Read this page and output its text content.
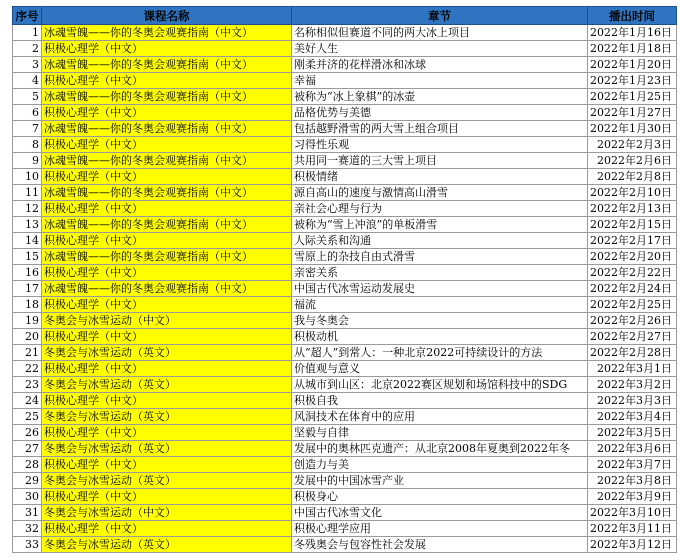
序号	课程名称	章节	播出时间
1	冰魂雪魄——你的冬奥会观赛指南（中文）	名称相似但赛道不同的两大冰上项目	2022年1月16日
2	积极心理学（中文）	美好人生	2022年1月18日
3	冰魂雪魄——你的冬奥会观赛指南（中文）	刚柔并济的花样滑冰和冰球	2022年1月20日
4	积极心理学（中文）	幸福	2022年1月23日
5	冰魂雪魄——你的冬奥会观赛指南（中文）	被称为“冰上象棋”的冰壶	2022年1月25日
6	积极心理学（中文）	品格优势与美德	2022年1月27日
7	冰魂雪魄——你的冬奥会观赛指南（中文）	包括越野滑雪的两大雪上组合项目	2022年1月30日
8	积极心理学（中文）	习得性乐观	2022年2月3日
9	冰魂雪魄——你的冬奥会观赛指南（中文）	共用同一赛道的三大雪上项目	2022年2月6日
10	积极心理学（中文）	积极情绪	2022年2月8日
11	冰魂雪魄——你的冬奥会观赛指南（中文）	源自高山的速度与激情高山滑雪	2022年2月10日
12	积极心理学（中文）	亲社会心理与行为	2022年2月13日
13	冰魂雪魄——你的冬奥会观赛指南（中文）	被称为“雪上冲浪”的单板滑雪	2022年2月15日
14	积极心理学（中文）	人际关系和沟通	2022年2月17日
15	冰魂雪魄——你的冬奥会观赛指南（中文）	雪原上的杂技自由式滑雪	2022年2月20日
16	积极心理学（中文）	亲密关系	2022年2月22日
17	冰魂雪魄——你的冬奥会观赛指南（中文）	中国古代冰雪运动发展史	2022年2月24日
18	积极心理学（中文）	福流	2022年2月25日
19	冬奥会与冰雪运动（中文）	我与冬奥会	2022年2月26日
20	积极心理学（中文）	积极动机	2022年2月27日
21	冬奥会与冰雪运动（英文）	从“超人”到常人：一种北京2022可持续设计的方法	2022年2月28日
22	积极心理学（中文）	价值观与意义	2022年3月1日
23	冬奥会与冰雪运动（英文）	从城市到山区：北京2022赛区规划和场馆科技中的SDG	2022年3月2日
24	积极心理学（中文）	积极自我	2022年3月3日
25	冬奥会与冰雪运动（英文）	风洞技术在体育中的应用	2022年3月4日
26	积极心理学（中文）	坚毅与自律	2022年3月5日
27	冬奥会与冰雪运动（英文）	发展中的奥林匹克遗产：从北京2008年夏奥到2022年冬	2022年3月6日
28	积极心理学（中文）	创造力与美	2022年3月7日
29	冬奥会与冰雪运动（英文）	发展中的中国冰雪产业	2022年3月8日
30	积极心理学（中文）	积极身心	2022年3月9日
31	冬奥会与冰雪运动（中文）	中国古代冰雪文化	2022年3月10日
32	积极心理学（中文）	积极心理学应用	2022年3月11日
33	冬奥会与冰雪运动（英文）	冬残奥会与包容性社会发展	2022年3月12日
